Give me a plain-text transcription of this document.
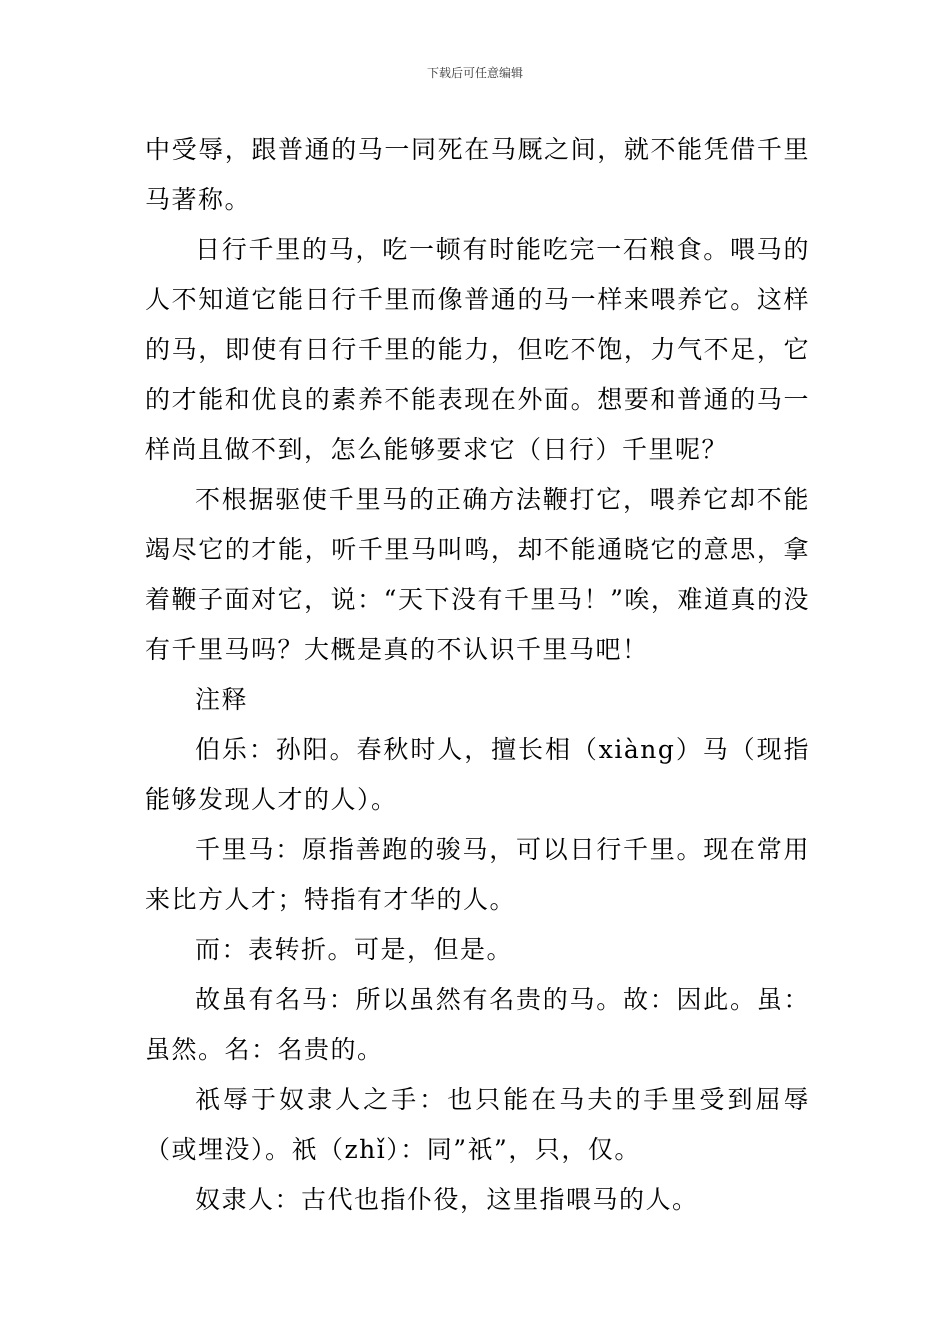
下载后可任意编辑

中受辱，跟普通的马一同死在马厩之间，就不能凭借千里马著称。

日行千里的马，吃一顿有时能吃完一石粮食。喂马的人不知道它能日行千里而像普通的马一样来喂养它。这样的马，即使有日行千里的能力，但吃不饱，力气不足，它的才能和优良的素养不能表现在外面。想要和普通的马一样尚且做不到，怎么能够要求它（日行）千里呢？

不根据驱使千里马的正确方法鞭打它，喂养它却不能竭尽它的才能，听千里马叫鸣，却不能通晓它的意思，拿着鞭子面对它，说：“天下没有千里马！”唉，难道真的没有千里马吗？大概是真的不认识千里马吧！

注释

伯乐：孙阳。春秋时人，擅长相（xiàng）马（现指能够发现人才的人）。

千里马：原指善跑的骏马，可以日行千里。现在常用来比方人才；特指有才华的人。

而：表转折。可是，但是。

故虽有名马：所以虽然有名贵的马。故：因此。虽：虽然。名：名贵的。

祇辱于奴隶人之手：也只能在马夫的手里受到屈辱（或埋没）。祇（zhǐ）：同”祇”，只，仅。

奴隶人：古代也指仆役，这里指喂马的人。
